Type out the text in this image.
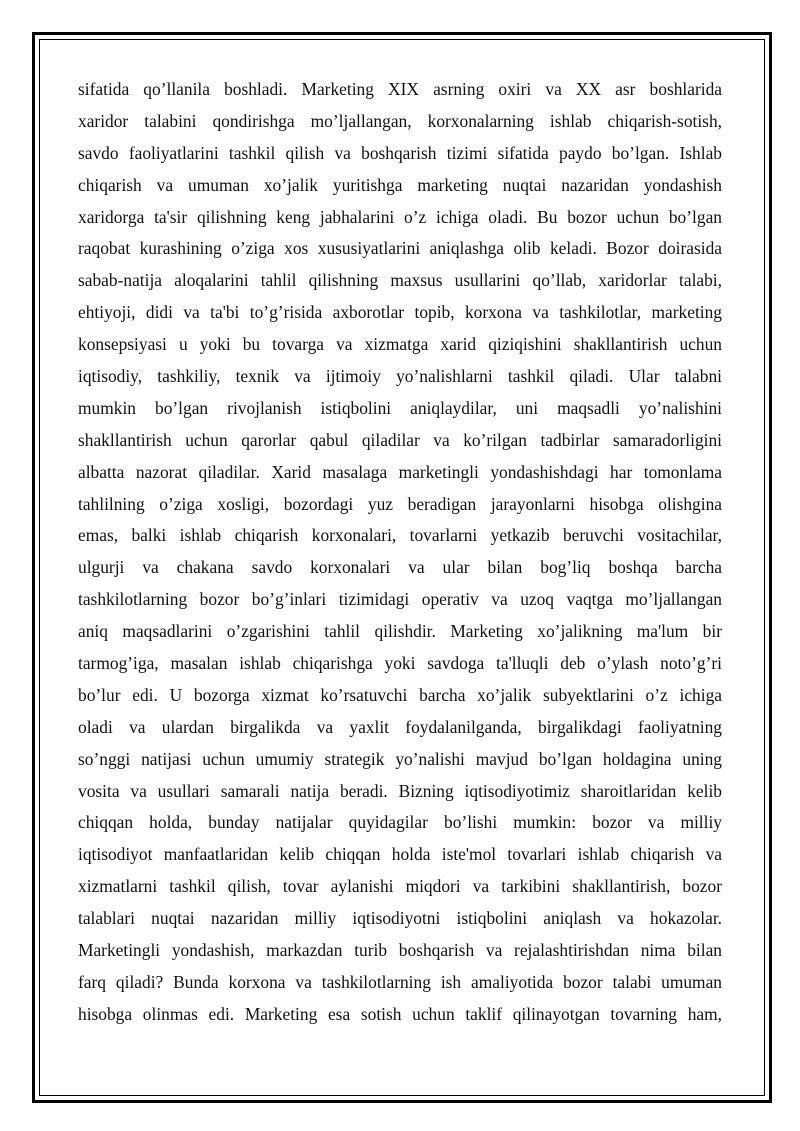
sifatida qo’llanila boshladi. Marketing XIX asrning oxiri va XX asr boshlarida
xaridor talabini qondirishga mo’ljallangan, korxonalarning ishlab chiqarish-sotish,
savdo faoliyatlarini tashkil qilish va boshqarish tizimi sifatida paydo bo’lgan. Ishlab
chiqarish va umuman xo’jalik yuritishga marketing nuqtai nazaridan yondashish
xaridorga ta'sir qilishning keng jabhalarini o’z ichiga oladi. Bu bozor uchun bo’lgan
raqobat kurashining o’ziga xos xususiyatlarini aniqlashga olib keladi. Bozor doirasida
sabab-natija aloqalarini tahlil qilishning maxsus usullarini qo’llab, xaridorlar talabi,
ehtiyoji, didi va ta'bi to’g’risida axborotlar topib, korxona va tashkilotlar, marketing
konsepsiyasi u yoki bu tovarga va xizmatga xarid qiziqishini shakllantirish uchun
iqtisodiy, tashkiliy, texnik va ijtimoiy yo’nalishlarni tashkil qiladi. Ular talabni
mumkin bo’lgan rivojlanish istiqbolini aniqlaydilar, uni maqsadli yo’nalishini
shakllantirish uchun qarorlar qabul qiladilar va ko’rilgan tadbirlar samaradorligini
albatta nazorat qiladilar. Xarid masalaga marketingli yondashishdagi har tomonlama
tahlilning o’ziga xosligi, bozordagi yuz beradigan jarayonlarni hisobga olishgina
emas, balki ishlab chiqarish korxonalari, tovarlarni yetkazib beruvchi vositachilar,
ulgurji va chakana savdo korxonalari va ular bilan bog’liq boshqa barcha
tashkilotlarning bozor bo’g’inlari tizimidagi operativ va uzoq vaqtga mo’ljallangan
aniq maqsadlarini o’zgarishini tahlil qilishdir. Marketing xo’jalikning ma'lum bir
tarmog’iga, masalan ishlab chiqarishga yoki savdoga ta'lluqli deb o’ylash noto’g’ri
bo’lur edi. U bozorga xizmat ko’rsatuvchi barcha xo’jalik subyektlarini o’z ichiga
oladi va ulardan birgalikda va yaxlit foydalanilganda, birgalikdagi faoliyatning
so’nggi natijasi uchun umumiy strategik yo’nalishi mavjud bo’lgan holdagina uning
vosita va usullari samarali natija beradi. Bizning iqtisodiyotimiz sharoitlaridan kelib
chiqqan holda, bunday natijalar quyidagilar bo’lishi mumkin: bozor va milliy
iqtisodiyot manfaatlaridan kelib chiqqan holda iste'mol tovarlari ishlab chiqarish va
xizmatlarni tashkil qilish, tovar aylanishi miqdori va tarkibini shakllantirish, bozor
talablari nuqtai nazaridan milliy iqtisodiyotni istiqbolini aniqlash va hokazolar.
Marketingli yondashish, markazdan turib boshqarish va rejalashtirishdan nima bilan
farq qiladi? Bunda korxona va tashkilotlarning ish amaliyotida bozor talabi umuman
hisobga olinmas edi. Marketing esa sotish uchun taklif qilinayotgan tovarning ham,
